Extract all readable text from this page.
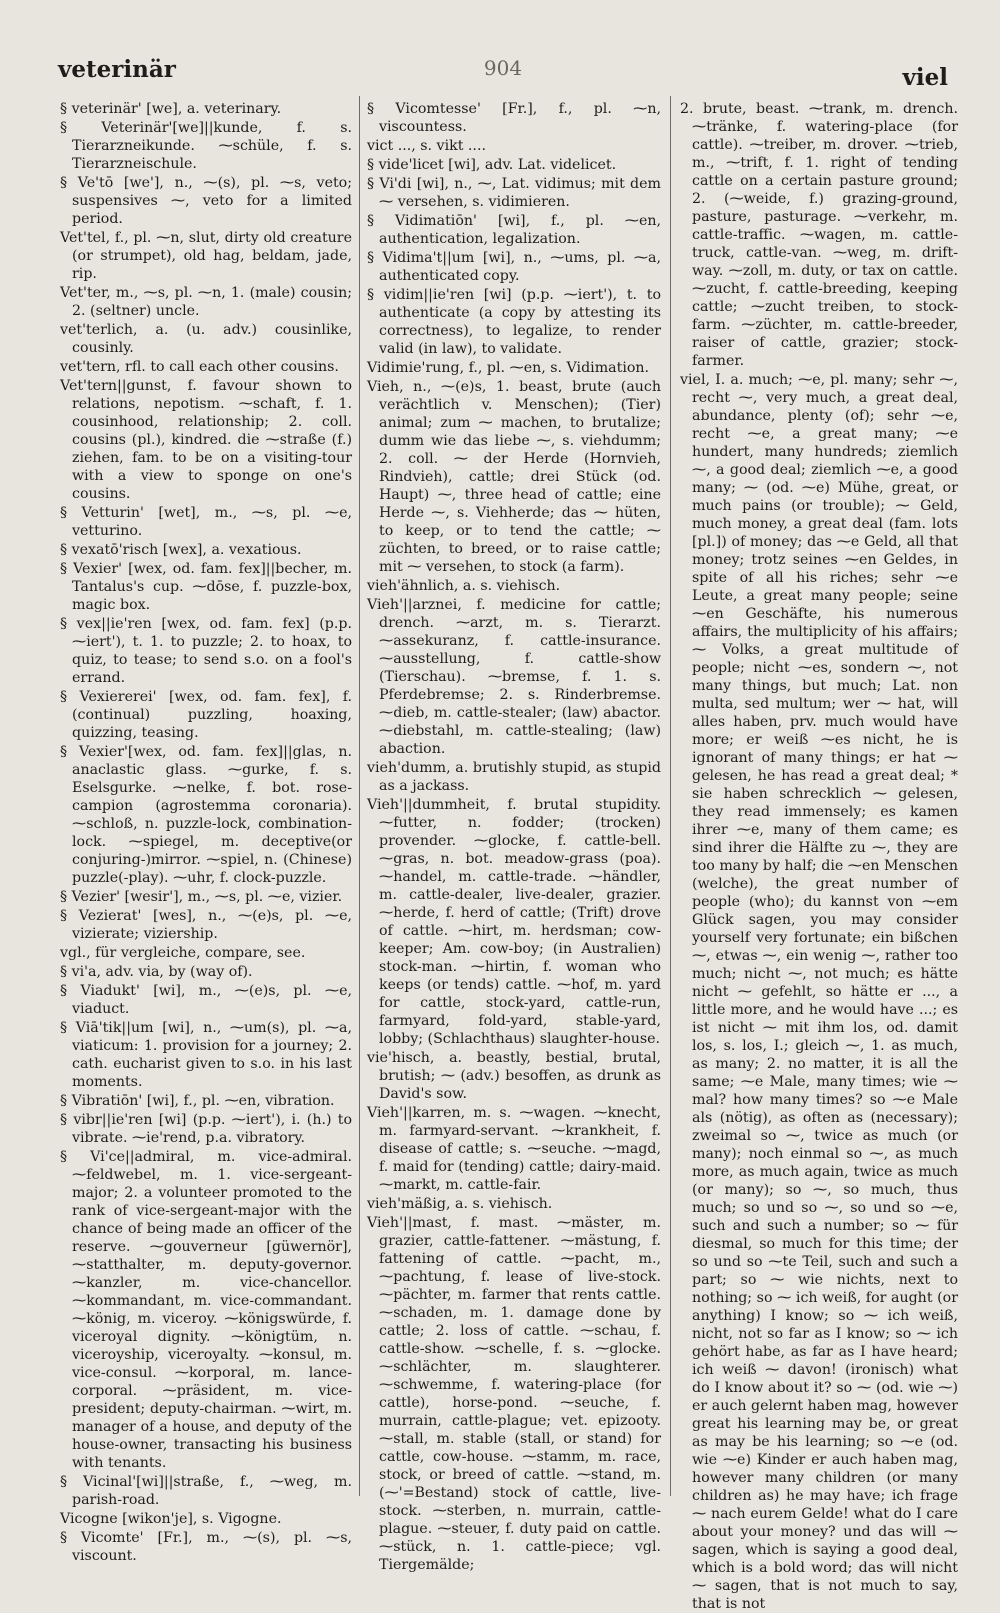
veterinär	904	viel

§ veterinär' [we], a. veterinary.

§ Veterinär'[we]||kunde, f. s. Tierarzneikunde. ⁓schüle, f. s. Tierarzneischule.

§ Ve'tō [we'], n., ⁓(s), pl. ⁓s, veto; suspensives ⁓, veto for a limited period.

Vet'tel, f., pl. ⁓n, slut, dirty old creature (or strumpet), old hag, beldam, jade, rip.

Vet'ter, m., ⁓s, pl. ⁓n, 1. (male) cousin; 2. (seltner) uncle.

vet'terlich, a. (u. adv.) cousinlike, cousinly.

vet'tern, rfl. to call each other cousins.

Vet'tern||gunst, f. favour shown to relations, nepotism. ⁓schaft, f. 1. cousinhood, relationship; 2. coll. cousins (pl.), kindred. die ⁓straße (f.) ziehen, fam. to be on a visiting-tour with a view to sponge on one's cousins.

§ Vetturin' [wet], m., ⁓s, pl. ⁓e, vetturino.

§ vexatō'risch [wex], a. vexatious.

§ Vexier' [wex, od. fam. fex]||becher, m. Tantalus's cup. ⁓dōse, f. puzzle-box, magic box.

§ vex||ie'ren [wex, od. fam. fex] (p.p. ⁓iert'), t. 1. to puzzle; 2. to hoax, to quiz, to tease; to send s.o. on a fool's errand.

§ Vexiererei' [wex, od. fam. fex], f. (continual) puzzling, hoaxing, quizzing, teasing.

§ Vexier'[wex, od. fam. fex]||glas, n. anaclastic glass. ⁓gurke, f. s. Eselsgurke. ⁓nelke, f. bot. rose-campion (agrostemma coronaria). ⁓schloß, n. puzzle-lock, combination-lock. ⁓spiegel, m. deceptive(or conjuring-)mirror. ⁓spiel, n. (Chinese) puzzle(-play). ⁓uhr, f. clock-puzzle.

§ Vezier' [wesir'], m., ⁓s, pl. ⁓e, vizier.

§ Vezierat' [wes], n., ⁓(e)s, pl. ⁓e, vizierate; viziership.

vgl., für vergleiche, compare, see.

§ vi'a, adv. via, by (way of).

§ Viadukt' [wi], m., ⁓(e)s, pl. ⁓e, viaduct.

§ Viā'tik||um [wi], n., ⁓um(s), pl. ⁓a, viaticum: 1. provision for a journey; 2. cath. eucharist given to s.o. in his last moments.

§ Vibratiōn' [wi], f., pl. ⁓en, vibration.

§ vibr||ie'ren [wi] (p.p. ⁓iert'), i. (h.) to vibrate. ⁓ie'rend, p.a. vibratory.

§ Vi'ce||admiral, m. vice-admiral. ⁓feldwebel, m. 1. vice-sergeant-major; 2. a volunteer promoted to the rank of vice-sergeant-major with the chance of being made an officer of the reserve. ⁓gouverneur [güwernör], ⁓statthalter, m. deputy-governor. ⁓kanzler, m. vice-chancellor. ⁓kommandant, m. vice-commandant. ⁓könig, m. viceroy. ⁓königswürde, f. viceroyal dignity. ⁓königtüm, n. viceroyship, viceroyalty. ⁓konsul, m. vice-consul. ⁓korporal, m. lance-corporal. ⁓präsident, m. vice-president; deputy-chairman. ⁓wirt, m. manager of a house, and deputy of the house-owner, transacting his business with tenants.

§ Vicinal'[wi]||straße, f., ⁓weg, m. parish-road.

Vicogne [wikon'je], s. Vigogne.

§ Vicomte' [Fr.], m., ⁓(s), pl. ⁓s, viscount.

§ Vicomtesse' [Fr.], f., pl. ⁓n, viscountess.

vict ..., s. vikt ....

§ vide'licet [wi], adv. Lat. videlicet.

§ Vi'di [wi], n., ⁓, Lat. vidimus; mit dem ⁓ versehen, s. vidimieren.

§ Vidimatiōn' [wi], f., pl. ⁓en, authentication, legalization.

§ Vidima't||um [wi], n., ⁓ums, pl. ⁓a, authenticated copy.

§ vidim||ie'ren [wi] (p.p. ⁓iert'), t. to authenticate (a copy by attesting its correctness), to legalize, to render valid (in law), to validate.

Vidimie'rung, f., pl. ⁓en, s. Vidimation.

Vieh, n., ⁓(e)s, 1. beast, brute (auch verächtlich v. Menschen); (Tier) animal; zum ⁓ machen, to brutalize; dumm wie das liebe ⁓, s. viehdumm; 2. coll. ⁓ der Herde (Hornvieh, Rindvieh), cattle; drei Stück (od. Haupt) ⁓, three head of cattle; eine Herde ⁓, s. Viehherde; das ⁓ hüten, to keep, or to tend the cattle; ⁓ züchten, to breed, or to raise cattle; mit ⁓ versehen, to stock (a farm).

vieh'ähnlich, a. s. viehisch.

Vieh'||arznei, f. medicine for cattle; drench. ⁓arzt, m. s. Tierarzt. ⁓assekuranz, f. cattle-insurance. ⁓ausstellung, f. cattle-show (Tierschau). ⁓bremse, f. 1. s. Pferdebremse; 2. s. Rinderbremse. ⁓dieb, m. cattle-stealer; (law) abactor. ⁓diebstahl, m. cattle-stealing; (law) abaction.

vieh'dumm, a. brutishly stupid, as stupid as a jackass.

Vieh'||dummheit, f. brutal stupidity. ⁓futter, n. fodder; (trocken) provender. ⁓glocke, f. cattle-bell. ⁓gras, n. bot. meadow-grass (poa). ⁓handel, m. cattle-trade. ⁓händler, m. cattle-dealer, live-dealer, grazier. ⁓herde, f. herd of cattle; (Trift) drove of cattle. ⁓hirt, m. herdsman; cow-keeper; Am. cow-boy; (in Australien) stock-man. ⁓hirtin, f. woman who keeps (or tends) cattle. ⁓hof, m. yard for cattle, stock-yard, cattle-run, farmyard, fold-yard, stable-yard, lobby; (Schlachthaus) slaughter-house.

vie'hisch, a. beastly, bestial, brutal, brutish; ⁓ (adv.) besoffen, as drunk as David's sow.

Vieh'||karren, m. s. ⁓wagen. ⁓knecht, m. farmyard-servant. ⁓krankheit, f. disease of cattle; s. ⁓seuche. ⁓magd, f. maid for (tending) cattle; dairy-maid. ⁓markt, m. cattle-fair.

vieh'mäßig, a. s. viehisch.

Vieh'||mast, f. mast. ⁓mäster, m. grazier, cattle-fattener. ⁓mästung, f. fattening of cattle. ⁓pacht, m., ⁓pachtung, f. lease of live-stock. ⁓pächter, m. farmer that rents cattle. ⁓schaden, m. 1. damage done by cattle; 2. loss of cattle. ⁓schau, f. cattle-show. ⁓schelle, f. s. ⁓glocke. ⁓schlächter, m. slaughterer. ⁓schwemme, f. watering-place (for cattle), horse-pond. ⁓seuche, f. murrain, cattle-plague; vet. epizooty. ⁓stall, m. stable (stall, or stand) for cattle, cow-house. ⁓stamm, m. race, stock, or breed of cattle. ⁓stand, m. (⁓'=Bestand) stock of cattle, live-stock. ⁓sterben, n. murrain, cattle-plague. ⁓steuer, f. duty paid on cattle. ⁓stück, n. 1. cattle-piece; vgl. Tiergemälde;

2. brute, beast. ⁓trank, m. drench. ⁓tränke, f. watering-place (for cattle). ⁓treiber, m. drover. ⁓trieb, m., ⁓trift, f. 1. right of tending cattle on a certain pasture ground; 2. (⁓weide, f.) grazing-ground, pasture, pasturage. ⁓verkehr, m. cattle-traffic. ⁓wagen, m. cattle-truck, cattle-van. ⁓weg, m. drift-way. ⁓zoll, m. duty, or tax on cattle. ⁓zucht, f. cattle-breeding, keeping cattle; ⁓zucht treiben, to stock-farm. ⁓züchter, m. cattle-breeder, raiser of cattle, grazier; stock-farmer.

viel, I. a. much; ⁓e, pl. many; sehr ⁓, recht ⁓, very much, a great deal, abundance, plenty (of); sehr ⁓e, recht ⁓e, a great many; ⁓e hundert, many hundreds; ziemlich ⁓, a good deal; ziemlich ⁓e, a good many; ⁓ (od. ⁓e) Mühe, great, or much pains (or trouble); ⁓ Geld, much money, a great deal (fam. lots [pl.]) of money; das ⁓e Geld, all that money; trotz seines ⁓en Geldes, in spite of all his riches; sehr ⁓e Leute, a great many people; seine ⁓en Geschäfte, his numerous affairs, the multiplicity of his affairs; ⁓ Volks, a great multitude of people; nicht ⁓es, sondern ⁓, not many things, but much; Lat. non multa, sed multum; wer ⁓ hat, will alles haben, prv. much would have more; er weiß ⁓es nicht, he is ignorant of many things; er hat ⁓ gelesen, he has read a great deal; * sie haben schrecklich ⁓ gelesen, they read immensely; es kamen ihrer ⁓e, many of them came; es sind ihrer die Hälfte zu ⁓, they are too many by half; die ⁓en Menschen (welche), the great number of people (who); du kannst von ⁓em Glück sagen, you may consider yourself very fortunate; ein bißchen ⁓, etwas ⁓, ein wenig ⁓, rather too much; nicht ⁓, not much; es hätte nicht ⁓ gefehlt, so hätte er ..., a little more, and he would have ...; es ist nicht ⁓ mit ihm los, od. damit los, s. los, I.; gleich ⁓, 1. as much, as many; 2. no matter, it is all the same; ⁓e Male, many times; wie ⁓ mal? how many times? so ⁓e Male als (nötig), as often as (necessary); zweimal so ⁓, twice as much (or many); noch einmal so ⁓, as much more, as much again, twice as much (or many); so ⁓, so much, thus much; so und so ⁓, so und so ⁓e, such and such a number; so ⁓ für diesmal, so much for this time; der so und so ⁓te Teil, such and such a part; so ⁓ wie nichts, next to nothing; so ⁓ ich weiß, for aught (or anything) I know; so ⁓ ich weiß, nicht, not so far as I know; so ⁓ ich gehört habe, as far as I have heard; ich weiß ⁓ davon! (ironisch) what do I know about it? so ⁓ (od. wie ⁓) er auch gelernt haben mag, however great his learning may be, or great as may be his learning; so ⁓e (od. wie ⁓e) Kinder er auch haben mag, however many children (or many children as) he may have; ich frage ⁓ nach eurem Gelde! what do I care about your money? und das will ⁓ sagen, which is saying a good deal, which is a bold word; das will nicht ⁓ sagen, that is not much to say, that is not
